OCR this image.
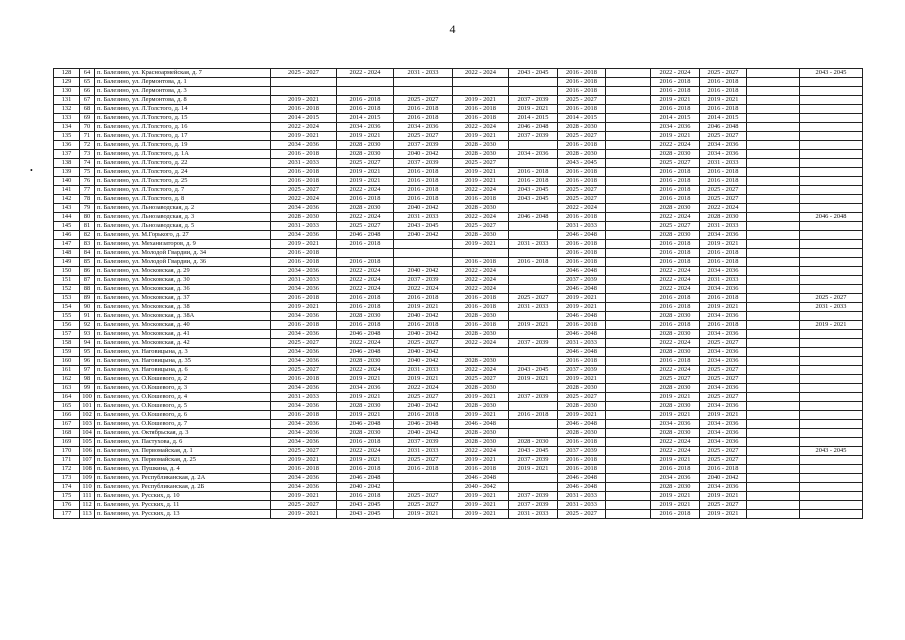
4
•
128	64	п. Балезино, ул. Красноармейская, д. 7	2025 - 2027	2022 - 2024	2031 - 2033	2022 - 2024	2043 - 2045	2016 - 2018		2022 - 2024	2025 - 2027		2043 - 2045
129	65	п. Балезино, ул. Лермонтова, д. 1						2016 - 2018		2016 - 2018	2016 - 2018		
130	66	п. Балезино, ул. Лермонтова, д. 3						2016 - 2018		2016 - 2018	2016 - 2018		
131	67	п. Балезино, ул. Лермонтова, д. 8	2019 - 2021	2016 - 2018	2025 - 2027	2019 - 2021	2037 - 2039	2025 - 2027		2019 - 2021	2019 - 2021		
132	68	п. Балезино, ул. Л.Толстого, д. 14	2016 - 2018	2016 - 2018	2016 - 2018	2016 - 2018	2019 - 2021	2016 - 2018		2016 - 2018	2016 - 2018		
133	69	п. Балезино, ул. Л.Толстого, д. 15	2014 - 2015	2014 - 2015	2016 - 2018	2016 - 2018	2014 - 2015	2014 - 2015		2014 - 2015	2014 - 2015		
134	70	п. Балезино, ул. Л.Толстого, д. 16	2022 - 2024	2034 - 2036	2034 - 2036	2022 - 2024	2046 - 2048	2028 - 2030		2034 - 2036	2046 - 2048		
135	71	п. Балезино, ул. Л.Толстого, д. 17	2019 - 2021	2019 - 2021	2025 - 2027	2019 - 2021	2037 - 2039	2025 - 2027		2019 - 2021	2025 - 2027		
136	72	п. Балезино, ул. Л.Толстого, д. 19	2034 - 2036	2028 - 2030	2037 - 2039	2028 - 2030		2016 - 2018		2022 - 2024	2034 - 2036		
137	73	п. Балезино, ул. Л.Толстого, д. 1А	2016 - 2018	2028 - 2030	2040 - 2042	2028 - 2030	2034 - 2036	2028 - 2030		2028 - 2030	2034 - 2036		
138	74	п. Балезино, ул. Л.Толстого, д. 22	2031 - 2033	2025 - 2027	2037 - 2039	2025 - 2027		2043 - 2045		2025 - 2027	2031 - 2033		
139	75	п. Балезино, ул. Л.Толстого, д. 24	2016 - 2018	2019 - 2021	2016 - 2018	2019 - 2021	2016 - 2018	2016 - 2018		2016 - 2018	2016 - 2018		
140	76	п. Балезино, ул. Л.Толстого, д. 25	2016 - 2018	2019 - 2021	2016 - 2018	2019 - 2021	2016 - 2018	2016 - 2018		2016 - 2018	2016 - 2018		
141	77	п. Балезино, ул. Л.Толстого, д. 7	2025 - 2027	2022 - 2024	2016 - 2018	2022 - 2024	2043 - 2045	2025 - 2027		2016 - 2018	2025 - 2027		
142	78	п. Балезино, ул. Л.Толстого, д. 8	2022 - 2024	2016 - 2018	2016 - 2018	2016 - 2018	2043 - 2045	2025 - 2027		2016 - 2018	2025 - 2027		
143	79	п. Балезино, ул. Льнозаводская, д. 2	2034 - 2036	2028 - 2030	2040 - 2042	2028 - 2030		2022 - 2024		2028 - 2030	2022 - 2024		
144	80	п. Балезино, ул. Льнозаводская, д. 3	2028 - 2030	2022 - 2024	2031 - 2033	2022 - 2024	2046 - 2048	2016 - 2018		2022 - 2024	2028 - 2030		2046 - 2048
145	81	п. Балезино, ул. Льнозаводская, д. 5	2031 - 2033	2025 - 2027	2043 - 2045	2025 - 2027		2031 - 2033		2025 - 2027	2031 - 2033		
146	82	п. Балезино, ул. М.Горького, д. 27	2034 - 2036	2046 - 2048	2040 - 2042	2028 - 2030		2046 - 2048		2028 - 2030	2034 - 2036		
147	83	п. Балезино, ул. Механизаторов, д. 9	2019 - 2021	2016 - 2018		2019 - 2021	2031 - 2033	2016 - 2018		2016 - 2018	2019 - 2021		
148	84	п. Балезино, ул. Молодой Гвардии, д. 34	2016 - 2018					2016 - 2018		2016 - 2018	2016 - 2018		
149	85	п. Балезино, ул. Молодой Гвардии, д. 36	2016 - 2018	2016 - 2018		2016 - 2018	2016 - 2018	2016 - 2018		2016 - 2018	2016 - 2018		
150	86	п. Балезино, ул. Московская, д. 29	2034 - 2036	2022 - 2024	2040 - 2042	2022 - 2024		2046 - 2048		2022 - 2024	2034 - 2036		
151	87	п. Балезино, ул. Московская, д. 30	2031 - 2033	2022 - 2024	2037 - 2039	2022 - 2024		2037 - 2039		2022 - 2024	2031 - 2033		
152	88	п. Балезино, ул. Московская, д. 36	2034 - 2036	2022 - 2024	2022 - 2024	2022 - 2024		2046 - 2048		2022 - 2024	2034 - 2036		
153	89	п. Балезино, ул. Московская, д. 37	2016 - 2018	2016 - 2018	2016 - 2018	2016 - 2018	2025 - 2027	2019 - 2021		2016 - 2018	2016 - 2018		2025 - 2027
154	90	п. Балезино, ул. Московская, д. 38	2019 - 2021	2016 - 2018	2019 - 2021	2016 - 2018	2031 - 2033	2019 - 2021		2016 - 2018	2019 - 2021		2031 - 2033
155	91	п. Балезино, ул. Московская, д. 38А	2034 - 2036	2028 - 2030	2040 - 2042	2028 - 2030		2046 - 2048		2028 - 2030	2034 - 2036		
156	92	п. Балезино, ул. Московская, д. 40	2016 - 2018	2016 - 2018	2016 - 2018	2016 - 2018	2019 - 2021	2016 - 2018		2016 - 2018	2016 - 2018		2019 - 2021
157	93	п. Балезино, ул. Московская, д. 41	2034 - 2036	2046 - 2048	2040 - 2042	2028 - 2030		2046 - 2048		2028 - 2030	2034 - 2036		
158	94	п. Балезино, ул. Московская, д. 42	2025 - 2027	2022 - 2024	2025 - 2027	2022 - 2024	2037 - 2039	2031 - 2033		2022 - 2024	2025 - 2027		
159	95	п. Балезино, ул. Наговицына, д. 3	2034 - 2036	2046 - 2048	2040 - 2042			2046 - 2048		2028 - 2030	2034 - 2036		
160	96	п. Балезино, ул. Наговицына, д. 35	2034 - 2036	2028 - 2030	2040 - 2042	2028 - 2030		2016 - 2018		2016 - 2018	2034 - 2036		
161	97	п. Балезино, ул. Наговицына, д. 6	2025 - 2027	2022 - 2024	2031 - 2033	2022 - 2024	2043 - 2045	2037 - 2039		2022 - 2024	2025 - 2027		
162	98	п. Балезино, ул. О.Кошевого, д. 2	2016 - 2018	2019 - 2021	2019 - 2021	2025 - 2027	2019 - 2021	2019 - 2021		2025 - 2027	2025 - 2027		
163	99	п. Балезино, ул. О.Кошевого, д. 3	2034 - 2036	2034 - 2036	2022 - 2024	2028 - 2030		2028 - 2030		2028 - 2030	2034 - 2036		
164	100	п. Балезино, ул. О.Кошевого, д. 4	2031 - 2033	2019 - 2021	2025 - 2027	2019 - 2021	2037 - 2039	2025 - 2027		2019 - 2021	2025 - 2027		
165	101	п. Балезино, ул. О.Кошевого, д. 5	2034 - 2036	2028 - 2030	2040 - 2042	2028 - 2030		2028 - 2030		2028 - 2030	2034 - 2036		
166	102	п. Балезино, ул. О.Кошевого, д. 6	2016 - 2018	2019 - 2021	2016 - 2018	2019 - 2021	2016 - 2018	2019 - 2021		2019 - 2021	2019 - 2021		
167	103	п. Балезино, ул. О.Кошевого, д. 7	2034 - 2036	2046 - 2048	2046 - 2048	2046 - 2048		2046 - 2048		2034 - 2036	2034 - 2036		
168	104	п. Балезино, ул. Октябрьская, д. 3	2034 - 2036	2028 - 2030	2040 - 2042	2028 - 2030		2028 - 2030		2028 - 2030	2034 - 2036		
169	105	п. Балезино, ул. Пастухова, д. 6	2034 - 2036	2016 - 2018	2037 - 2039	2028 - 2030	2028 - 2030	2016 - 2018		2022 - 2024	2034 - 2036		
170	106	п. Балезино, ул. Первомайская, д. 1	2025 - 2027	2022 - 2024	2031 - 2033	2022 - 2024	2043 - 2045	2037 - 2039		2022 - 2024	2025 - 2027		2043 - 2045
171	107	п. Балезино, ул. Первомайская, д. 25	2019 - 2021	2019 - 2021	2025 - 2027	2019 - 2021	2037 - 2039	2016 - 2018		2019 - 2021	2025 - 2027		
172	108	п. Балезино, ул. Пушкина, д. 4	2016 - 2018	2016 - 2018	2016 - 2018	2016 - 2018	2019 - 2021	2016 - 2018		2016 - 2018	2016 - 2018		
173	109	п. Балезино, ул. Республиканская, д. 2А	2034 - 2036	2046 - 2048		2046 - 2048		2046 - 2048		2034 - 2036	2040 - 2042		
174	110	п. Балезино, ул. Республиканская, д. 2Б	2034 - 2036	2040 - 2042		2040 - 2042		2046 - 2048		2028 - 2030	2034 - 2036		
175	111	п. Балезино, ул. Русских, д. 10	2019 - 2021	2016 - 2018	2025 - 2027	2019 - 2021	2037 - 2039	2031 - 2033		2019 - 2021	2019 - 2021		
176	112	п. Балезино, ул. Русских, д. 11	2025 - 2027	2043 - 2045	2025 - 2027	2019 - 2021	2037 - 2039	2031 - 2033		2019 - 2021	2025 - 2027		
177	113	п. Балезино, ул. Русских, д. 13	2019 - 2021	2043 - 2045	2019 - 2021	2019 - 2021	2031 - 2033	2025 - 2027		2016 - 2018	2019 - 2021		
